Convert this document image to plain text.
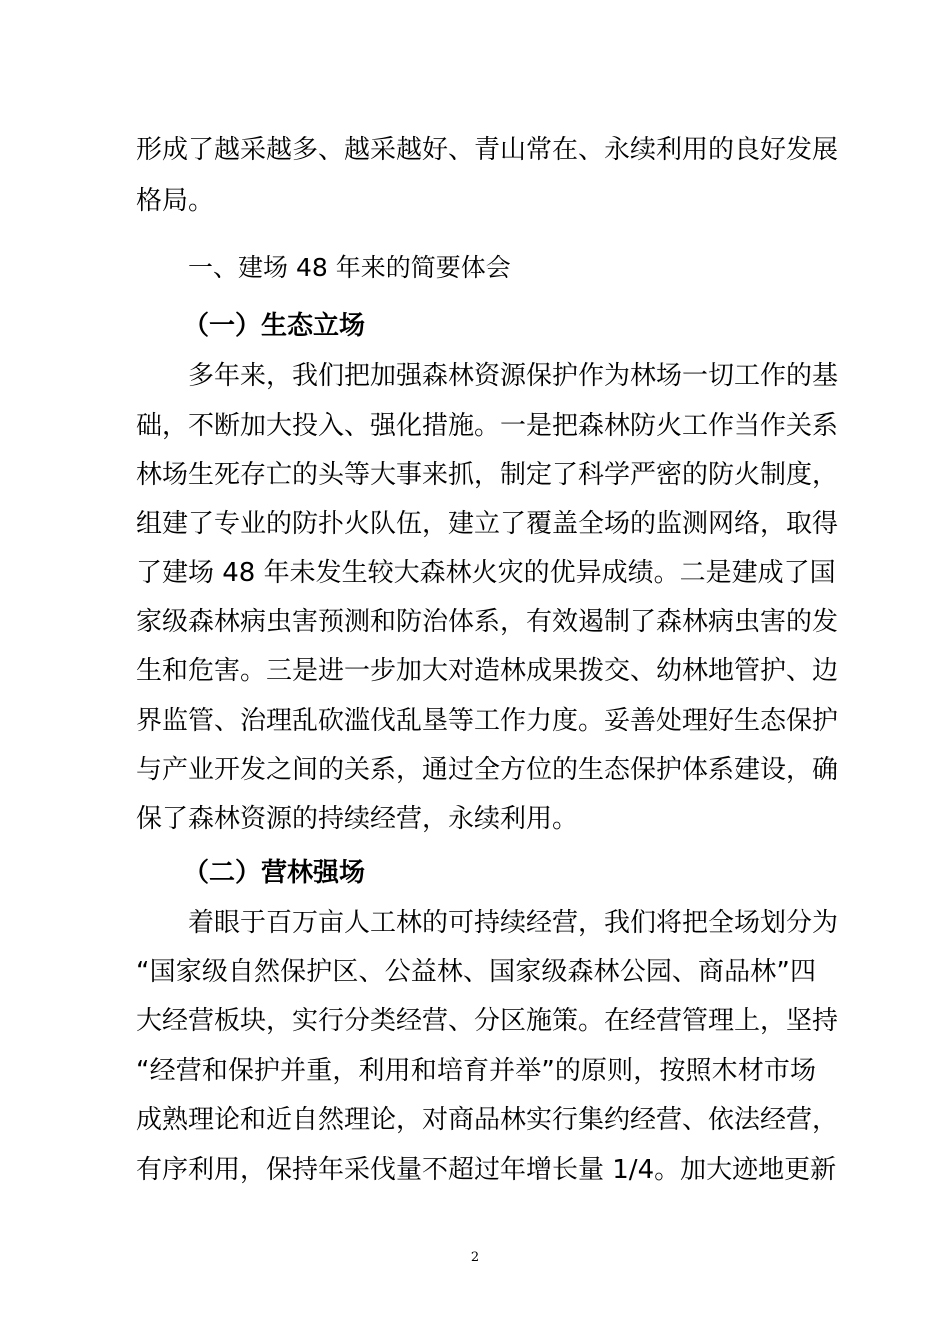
形成了越采越多、越采越好、青山常在、永续利用的良好发展
格局。
一、建场 48 年来的简要体会
（一）生态立场
多年来，我们把加强森林资源保护作为林场一切工作的基
础，不断加大投入、强化措施。一是把森林防火工作当作关系
林场生死存亡的头等大事来抓，制定了科学严密的防火制度，
组建了专业的防扑火队伍，建立了覆盖全场的监测网络，取得
了建场 48 年未发生较大森林火灾的优异成绩。二是建成了国
家级森林病虫害预测和防治体系，有效遏制了森林病虫害的发
生和危害。三是进一步加大对造林成果拨交、幼林地管护、边
界监管、治理乱砍滥伐乱垦等工作力度。妥善处理好生态保护
与产业开发之间的关系，通过全方位的生态保护体系建设，确
保了森林资源的持续经营，永续利用。
（二）营林强场
着眼于百万亩人工林的可持续经营，我们将把全场划分为
“国家级自然保护区、公益林、国家级森林公园、商品林”四
大经营板块，实行分类经营、分区施策。在经营管理上，坚持
“经营和保护并重，利用和培育并举”的原则，按照木材市场
成熟理论和近自然理论，对商品林实行集约经营、依法经营，
有序利用，保持年采伐量不超过年增长量 1/4。加大迹地更新
2
